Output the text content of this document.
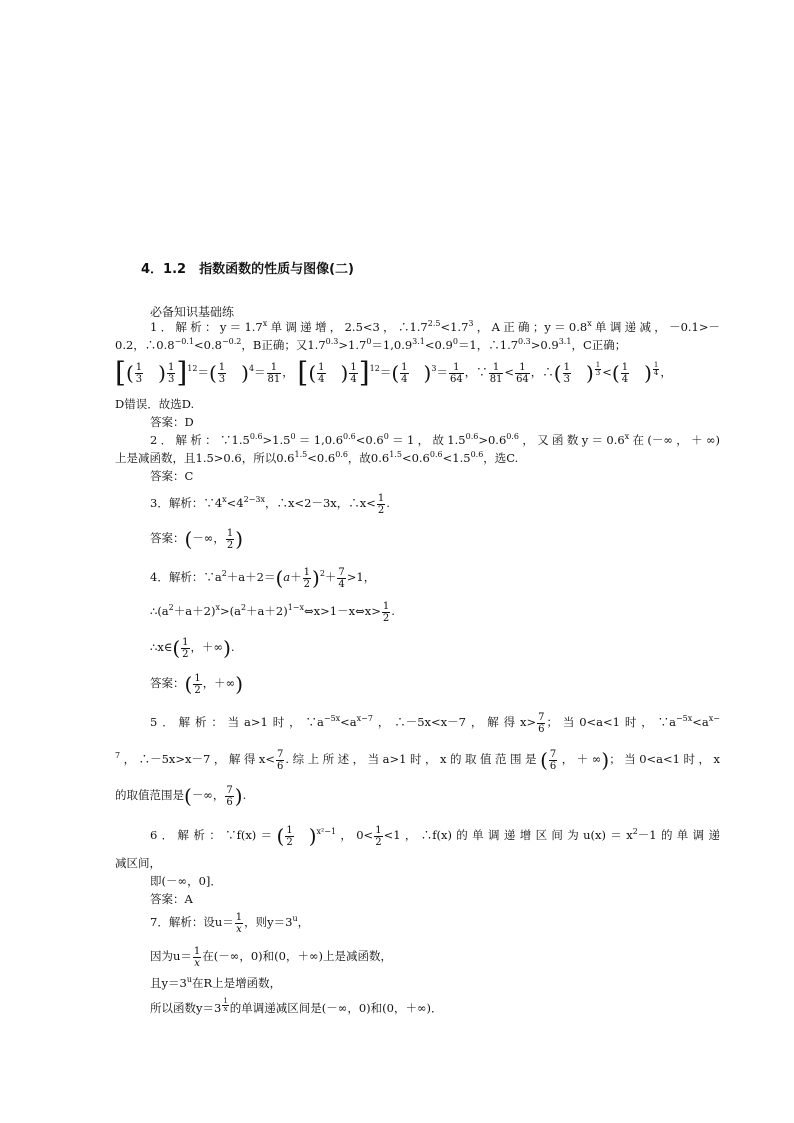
4．1.2　指数函数的性质与图像(二)
必备知识基础练
1．解析：$y=1.7^x$单调递增，2.5<3，$\therefore 1.7^{2.5}<1.7^3$，A正确；$y=0.8^x$单调递减，－0.1>－
0.2，$\therefore 0.8^{-0.1}<0.8^{-0.2}$，B正确；又$1.7^{0.3}>1.7^0=1,0.9^{3.1}<0.9^0=1$，$\therefore 1.7^{0.3}>0.9^{3.1}$，C正确；
[( $\frac{1}{3}$ ) $\frac{1}{3} ]^{12}=( \frac{1}{3} )^4= \frac{1}{81}$ ， [( $\frac{1}{4}$ ) $\frac{1}{4} ]^{12}=( \frac{1}{4} )^3= \frac{1}{64}$ ，∵ $\frac{1}{81} < \frac{1}{64}$ ，∴( $\frac{1}{3}$ ) $^{\frac{1}{3}}$ <( $\frac{1}{4}$ ) $^{\frac{1}{4}}$ ，
D错误．故选D.
答案：D
2．解析：$\because 1.5^{0.6}>1.5^0=1,0.6^{0.6}<0.6^0=1$，故$1.5^{0.6}>0.6^{0.6}$，又函数$y=0.6^x$在(－∞，＋∞)
上是减函数，且1.5>0.6，所以$0.6^{1.5}<0.6^{0.6}$，故$0.6^{1.5}<0.6^{0.6}<1.5^{0.6}$，选C.
答案：C
3．解析：$\because 4^x<4^{2-3x}$，∴x<2－3x，∴x< $\frac{1}{2}$ .
答案：(－∞， $\frac{1}{2}$ )
4．解析：$\because a^2+a+2=(a+ \frac{1}{2} )^2+ \frac{7}{4} >1$，
$\therefore(a^2+a+2)^x>(a^2+a+2)^{1-x}\Leftrightarrow x>1-x\Leftrightarrow x> \frac{1}{2}$ .
∴x∈( $\frac{1}{2}$ ，＋∞).
答案：( $\frac{1}{2}$ ，＋∞)
5．解析：当a>1时，$\because a^{-5x}<a^{x-7}$，∴－5x<x－7，解得$x> \frac{7}{6}$ ；当0<a<1时，$\because a^{-5x}<a^{x-}$
$^7$，∴－5x>x－7，解得$x< \frac{7}{6}$ .综上所述，当a>1时，x的取值范围是( $\frac{7}{6}$ ，＋∞)；当0<a<1时，x
的取值范围是(－∞， $\frac{7}{6}$ ).
6．解析：∵f(x)＝( $\frac{1}{2} )^{x^2-1}$，$0< \frac{1}{2} <1$，∴f(x)的单调递增区间为$u(x)=x^2-1$的单调递
减区间，
即(－∞，0]．
答案：A
7．解析：设$u= \frac{1}{x}$ ，则$y=3^u$，
因为$u= \frac{1}{x}$ 在(－∞，0)和(0，＋∞)上是减函数，
且$y=3^u$在R上是增函数，
所以函数y＝3 $^{\frac{1}{x}}$ 的单调递减区间是(－∞，0)和(0，＋∞)．
